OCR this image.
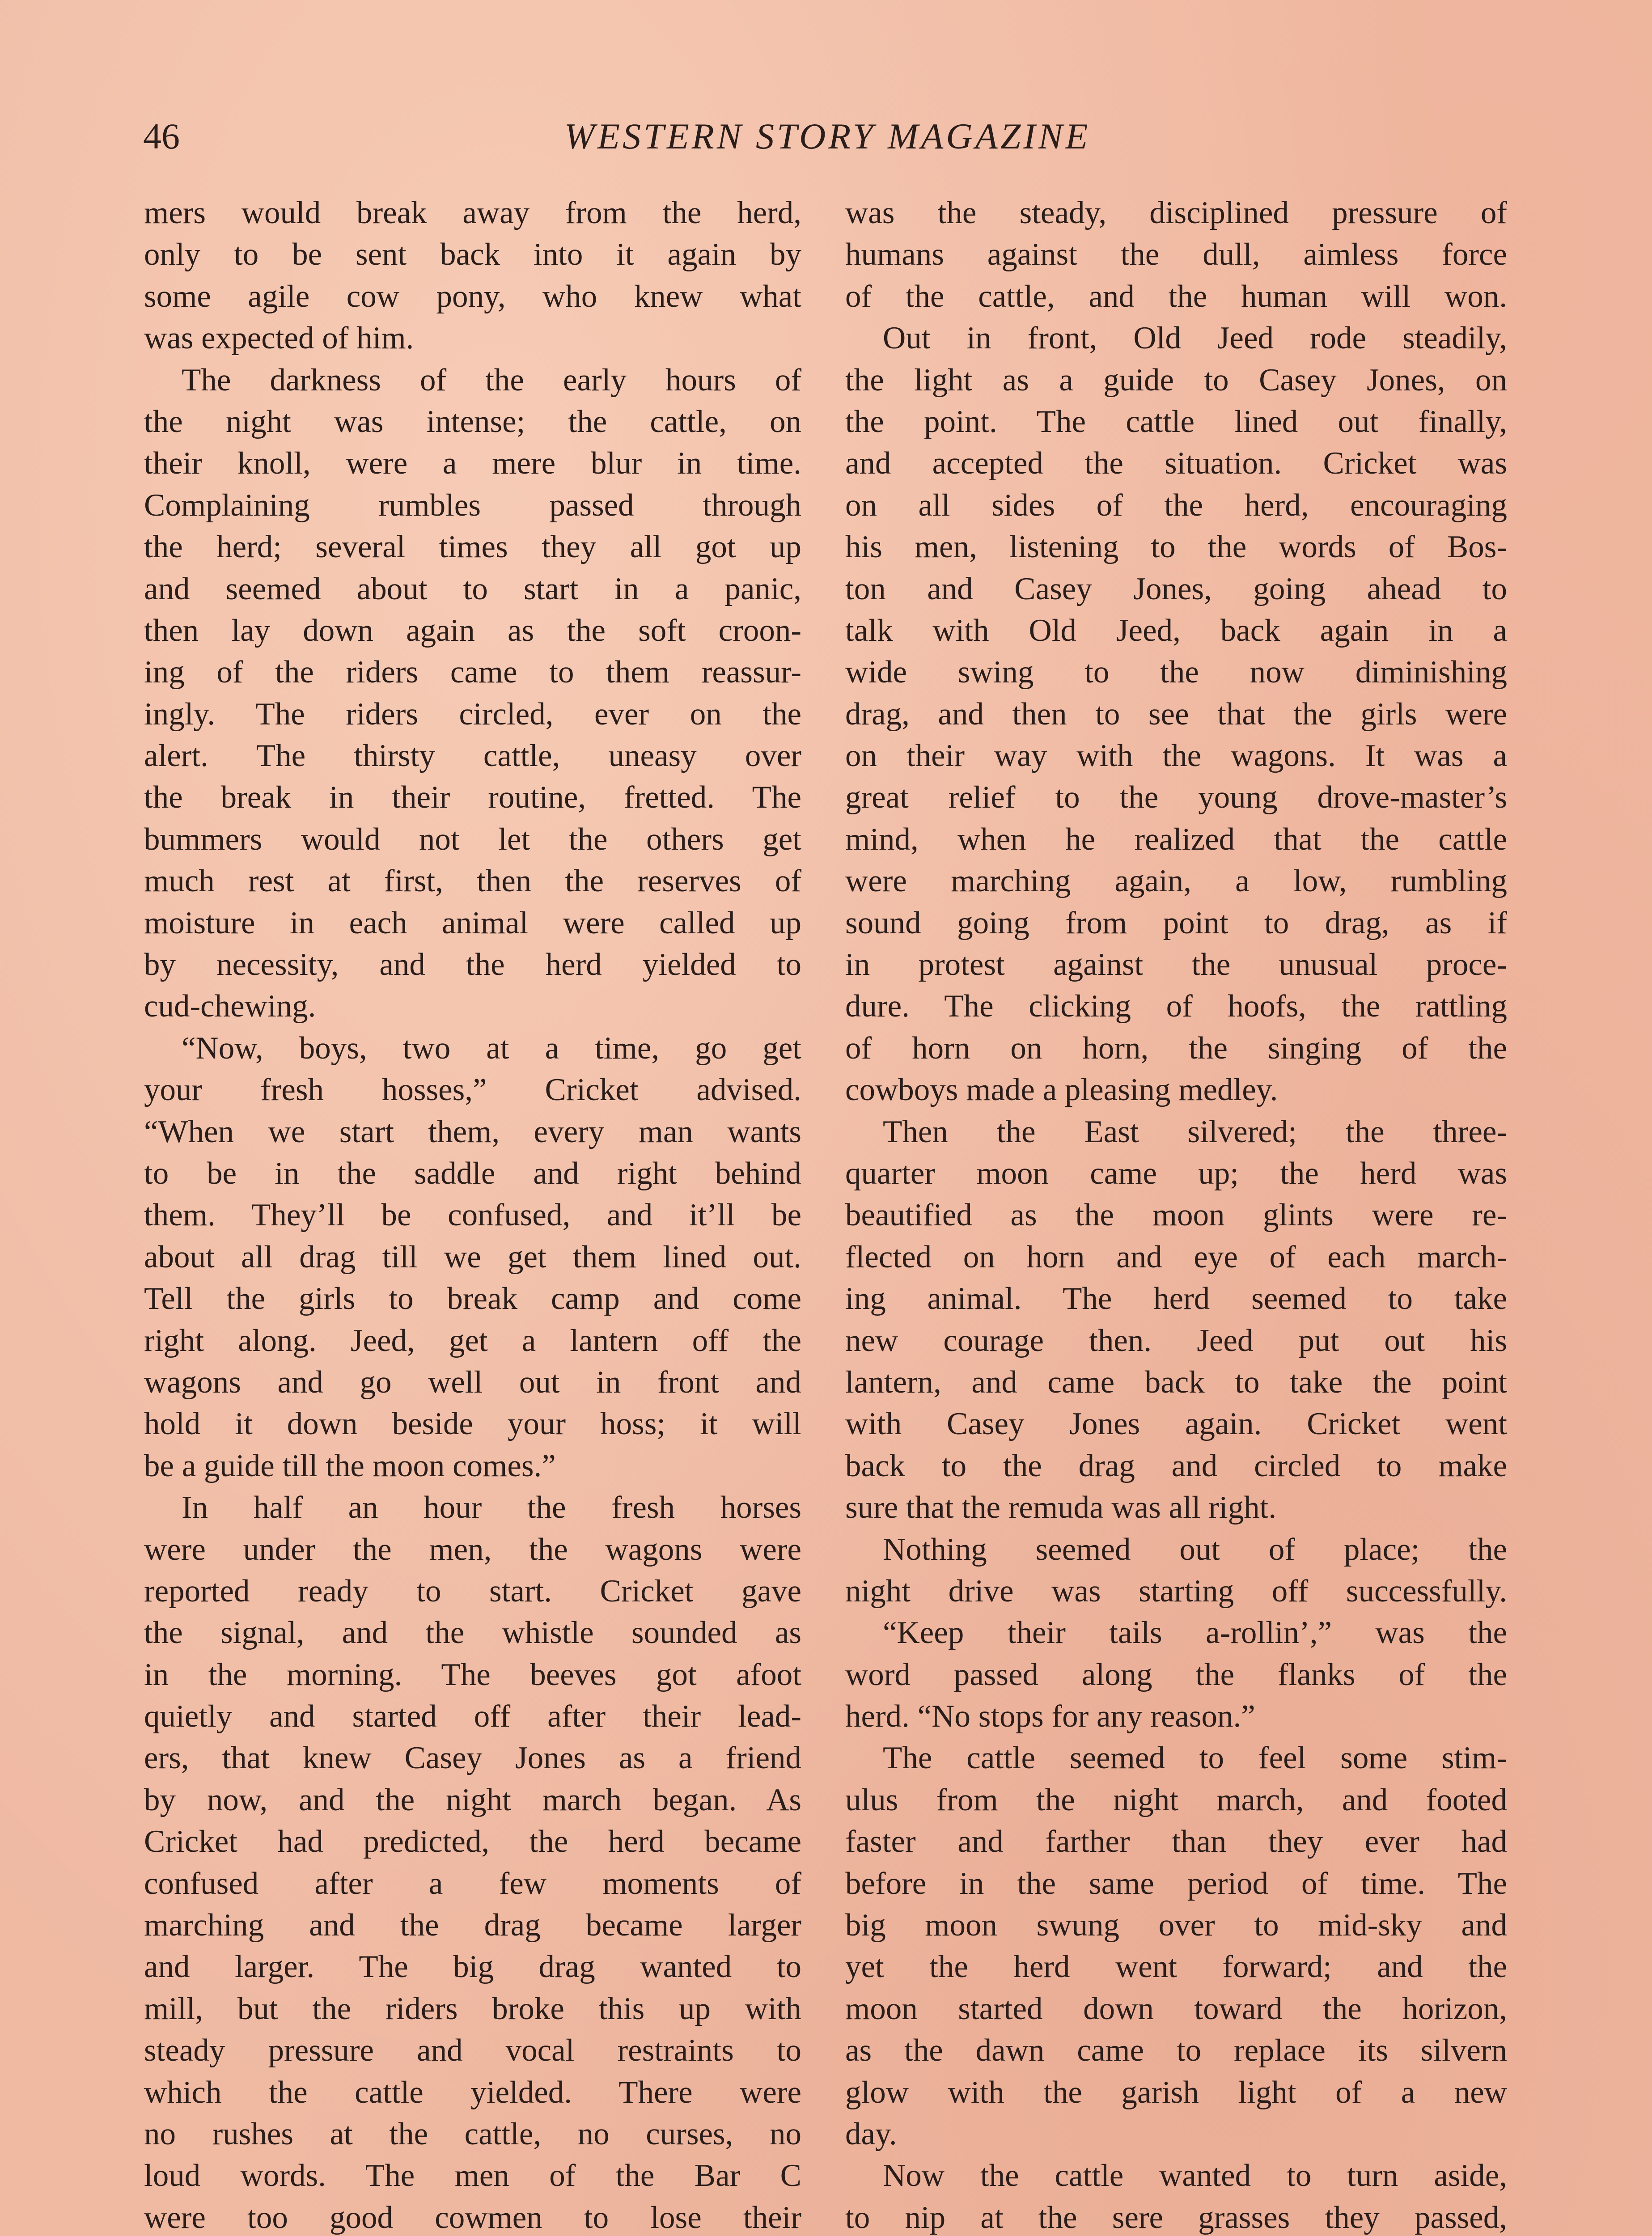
46	WESTERN STORY MAGAZINE
mers would break away from the herd,
only to be sent back into it again by
some agile cow pony, who knew what
was expected of him.
The darkness of the early hours of
the night was intense; the cattle, on
their knoll, were a mere blur in time.
Complaining rumbles passed through
the herd; several times they all got up
and seemed about to start in a panic,
then lay down again as the soft croon-
ing of the riders came to them reassur-
ingly. The riders circled, ever on the
alert. The thirsty cattle, uneasy over
the break in their routine, fretted. The
bummers would not let the others get
much rest at first, then the reserves of
moisture in each animal were called up
by necessity, and the herd yielded to
cud-chewing.
“Now, boys, two at a time, go get
your fresh hosses,” Cricket advised.
“When we start them, every man wants
to be in the saddle and right behind
them. They’ll be confused, and it’ll be
about all drag till we get them lined out.
Tell the girls to break camp and come
right along. Jeed, get a lantern off the
wagons and go well out in front and
hold it down beside your hoss; it will
be a guide till the moon comes.”
In half an hour the fresh horses
were under the men, the wagons were
reported ready to start. Cricket gave
the signal, and the whistle sounded as
in the morning. The beeves got afoot
quietly and started off after their lead-
ers, that knew Casey Jones as a friend
by now, and the night march began. As
Cricket had predicted, the herd became
confused after a few moments of
marching and the drag became larger
and larger. The big drag wanted to
mill, but the riders broke this up with
steady pressure and vocal restraints to
which the cattle yielded. There were
no rushes at the cattle, no curses, no
loud words. The men of the Bar C
were too good cowmen to lose their
was the steady, disciplined pressure of
humans against the dull, aimless force
of the cattle, and the human will won.
Out in front, Old Jeed rode steadily,
the light as a guide to Casey Jones, on
the point. The cattle lined out finally,
and accepted the situation. Cricket was
on all sides of the herd, encouraging
his men, listening to the words of Bos-
ton and Casey Jones, going ahead to
talk with Old Jeed, back again in a
wide swing to the now diminishing
drag, and then to see that the girls were
on their way with the wagons. It was a
great relief to the young drove-master’s
mind, when he realized that the cattle
were marching again, a low, rumbling
sound going from point to drag, as if
in protest against the unusual proce-
dure. The clicking of hoofs, the rattling
of horn on horn, the singing of the
cowboys made a pleasing medley.
Then the East silvered; the three-
quarter moon came up; the herd was
beautified as the moon glints were re-
flected on horn and eye of each march-
ing animal. The herd seemed to take
new courage then. Jeed put out his
lantern, and came back to take the point
with Casey Jones again. Cricket went
back to the drag and circled to make
sure that the remuda was all right.
Nothing seemed out of place; the
night drive was starting off successfully.
“Keep their tails a-rollin’,” was the
word passed along the flanks of the
herd. “No stops for any reason.”
The cattle seemed to feel some stim-
ulus from the night march, and footed
faster and farther than they ever had
before in the same period of time. The
big moon swung over to mid-sky and
yet the herd went forward; and the
moon started down toward the horizon,
as the dawn came to replace its silvern
glow with the garish light of a new
day.
Now the cattle wanted to turn aside,
to nip at the sere grasses they passed,
